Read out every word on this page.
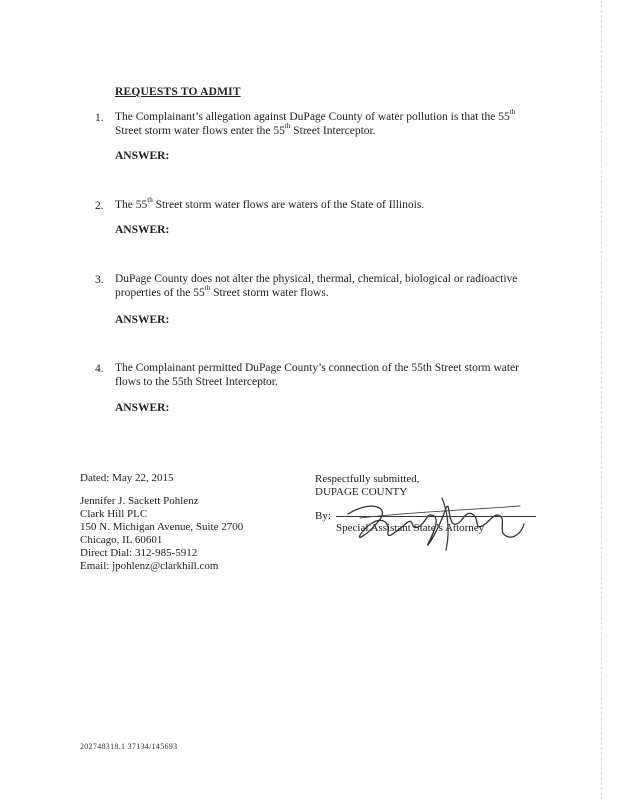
REQUESTS TO ADMIT
1. The Complainant’s allegation against DuPage County of water pollution is that the 55th
Street storm water flows enter the 55th Street Interceptor.
ANSWER:
2. The 55th Street storm water flows are waters of the State of Illinois.
ANSWER:
3. DuPage County does not alter the physical, thermal, chemical, biological or radioactive
properties of the 55th Street storm water flows.
ANSWER:
4. The Complainant permitted DuPage County’s connection of the 55th Street storm water
flows to the 55th Street Interceptor.
ANSWER:
Dated: May 22, 2015
Jennifer J. Sackett Pohlenz
Clark Hill PLC
150 N. Michigan Avenue, Suite 2700
Chicago, IL 60601
Direct Dial: 312-985-5912
Email: jpohlenz@clarkhill.com
Respectfully submitted,
DUPAGE COUNTY
By:
Special Assistant State’s Attorney
202748318.1 37134/145693
